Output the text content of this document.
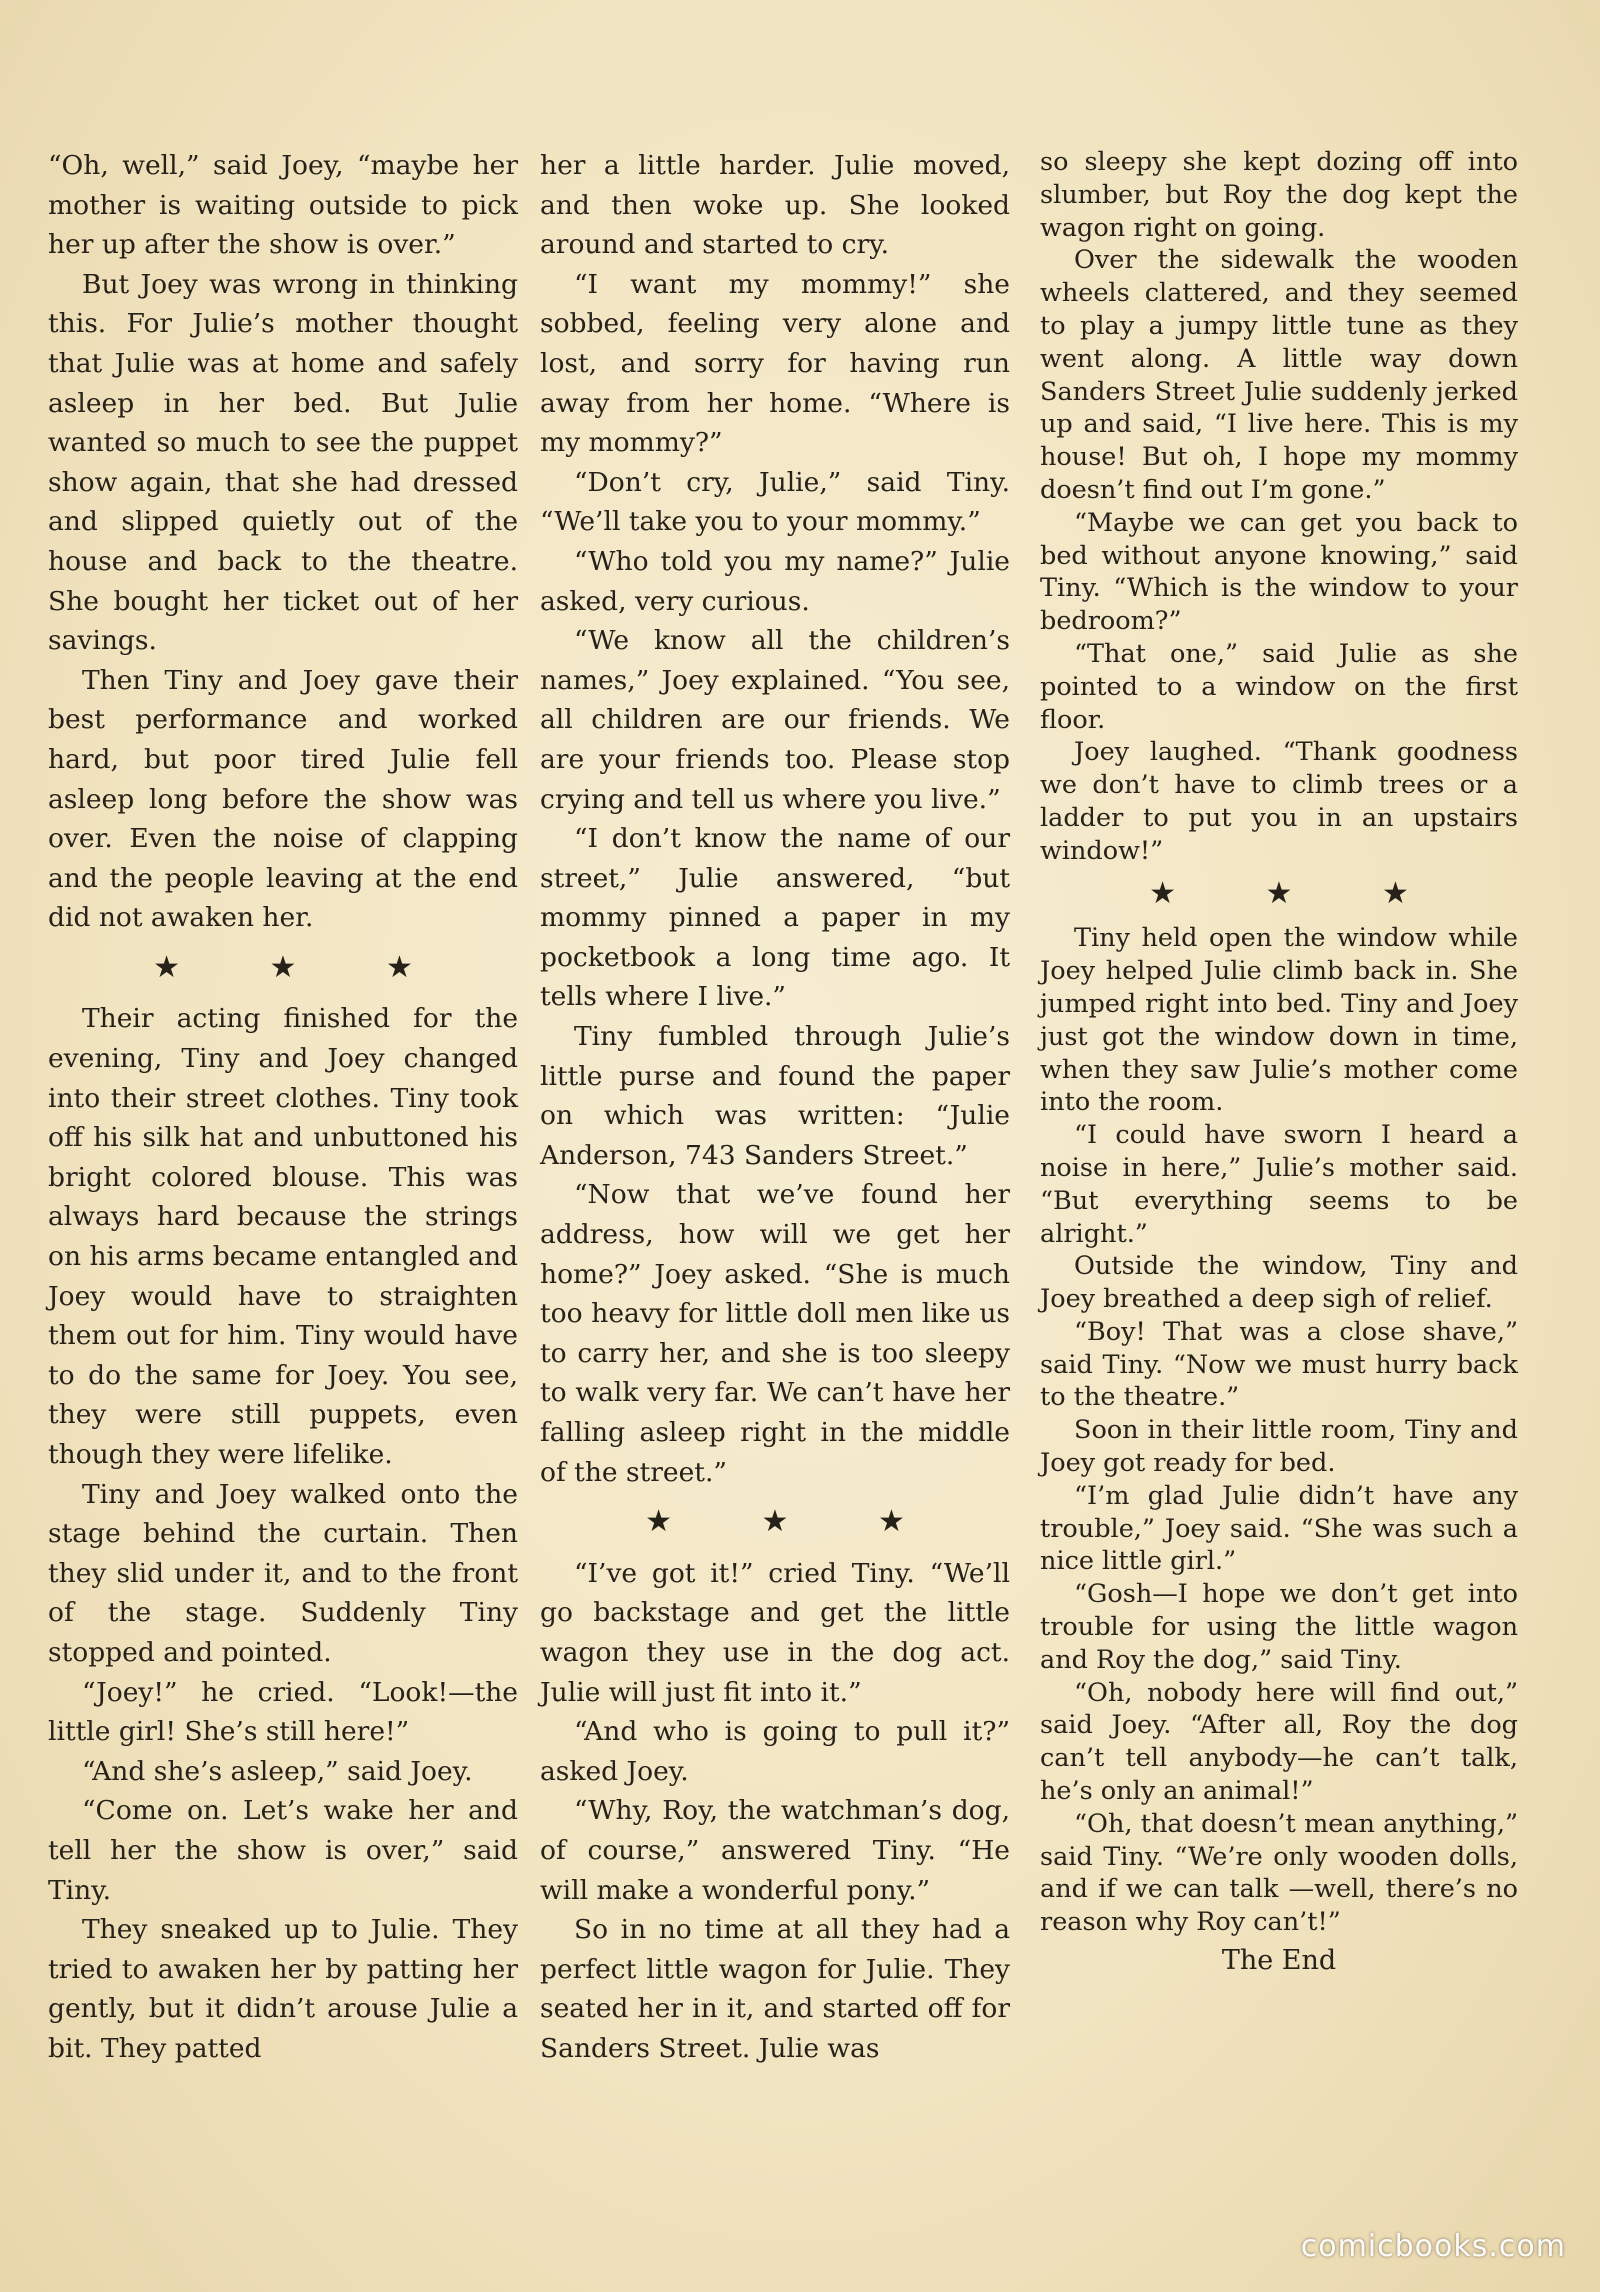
“Oh, well,” said Joey, “maybe her mother is waiting outside to pick her up after the show is over.”

But Joey was wrong in thinking this. For Julie’s mother thought that Julie was at home and safely asleep in her bed. But Julie wanted so much to see the puppet show again, that she had dressed and slipped quietly out of the house and back to the theatre. She bought her ticket out of her savings.

Then Tiny and Joey gave their best performance and worked hard, but poor tired Julie fell asleep long before the show was over. Even the noise of clapping and the people leaving at the end did not awaken her.

★ ★ ★

Their acting finished for the evening, Tiny and Joey changed into their street clothes. Tiny took off his silk hat and unbuttoned his bright colored blouse. This was always hard because the strings on his arms became entangled and Joey would have to straighten them out for him. Tiny would have to do the same for Joey. You see, they were still puppets, even though they were lifelike.

Tiny and Joey walked onto the stage behind the curtain. Then they slid under it, and to the front of the stage. Suddenly Tiny stopped and pointed.

“Joey!” he cried. “Look!—the little girl! She’s still here!”

“And she’s asleep,” said Joey.

“Come on. Let’s wake her and tell her the show is over,” said Tiny.

They sneaked up to Julie. They tried to awaken her by patting her gently, but it didn’t arouse Julie a bit. They patted

her a little harder. Julie moved, and then woke up. She looked around and started to cry.

“I want my mommy!” she sobbed, feeling very alone and lost, and sorry for having run away from her home. “Where is my mommy?”

“Don’t cry, Julie,” said Tiny. “We’ll take you to your mommy.”

“Who told you my name?” Julie asked, very curious.

“We know all the children’s names,” Joey explained. “You see, all children are our friends. We are your friends too. Please stop crying and tell us where you live.”

“I don’t know the name of our street,” Julie answered, “but mommy pinned a paper in my pocketbook a long time ago. It tells where I live.”

Tiny fumbled through Julie’s little purse and found the paper on which was written: “Julie Anderson, 743 Sanders Street.”

“Now that we’ve found her address, how will we get her home?” Joey asked. “She is much too heavy for little doll men like us to carry her, and she is too sleepy to walk very far. We can’t have her falling asleep right in the middle of the street.”

★ ★ ★

“I’ve got it!” cried Tiny. “We’ll go backstage and get the little wagon they use in the dog act. Julie will just fit into it.”

“And who is going to pull it?” asked Joey.

“Why, Roy, the watchman’s dog, of course,” answered Tiny. “He will make a wonderful pony.”

So in no time at all they had a perfect little wagon for Julie. They seated her in it, and started off for Sanders Street. Julie was

so sleepy she kept dozing off into slumber, but Roy the dog kept the wagon right on going.

Over the sidewalk the wooden wheels clattered, and they seemed to play a jumpy little tune as they went along. A little way down Sanders Street Julie suddenly jerked up and said, “I live here. This is my house! But oh, I hope my mommy doesn’t find out I’m gone.”

“Maybe we can get you back to bed without anyone knowing,” said Tiny. “Which is the window to your bedroom?”

“That one,” said Julie as she pointed to a window on the first floor.

Joey laughed. “Thank goodness we don’t have to climb trees or a ladder to put you in an upstairs window!”

★ ★ ★

Tiny held open the window while Joey helped Julie climb back in. She jumped right into bed. Tiny and Joey just got the window down in time, when they saw Julie’s mother come into the room.

“I could have sworn I heard a noise in here,” Julie’s mother said. “But everything seems to be alright.”

Outside the window, Tiny and Joey breathed a deep sigh of relief.

“Boy! That was a close shave,” said Tiny. “Now we must hurry back to the theatre.”

Soon in their little room, Tiny and Joey got ready for bed.

“I’m glad Julie didn’t have any trouble,” Joey said. “She was such a nice little girl.”

“Gosh—I hope we don’t get into trouble for using the little wagon and Roy the dog,” said Tiny.

“Oh, nobody here will find out,” said Joey. “After all, Roy the dog can’t tell anybody—he can’t talk, he’s only an animal!”

“Oh, that doesn’t mean anything,” said Tiny. “We’re only wooden dolls, and if we can talk —well, there’s no reason why Roy can’t!”

The End

comicbooks.com
